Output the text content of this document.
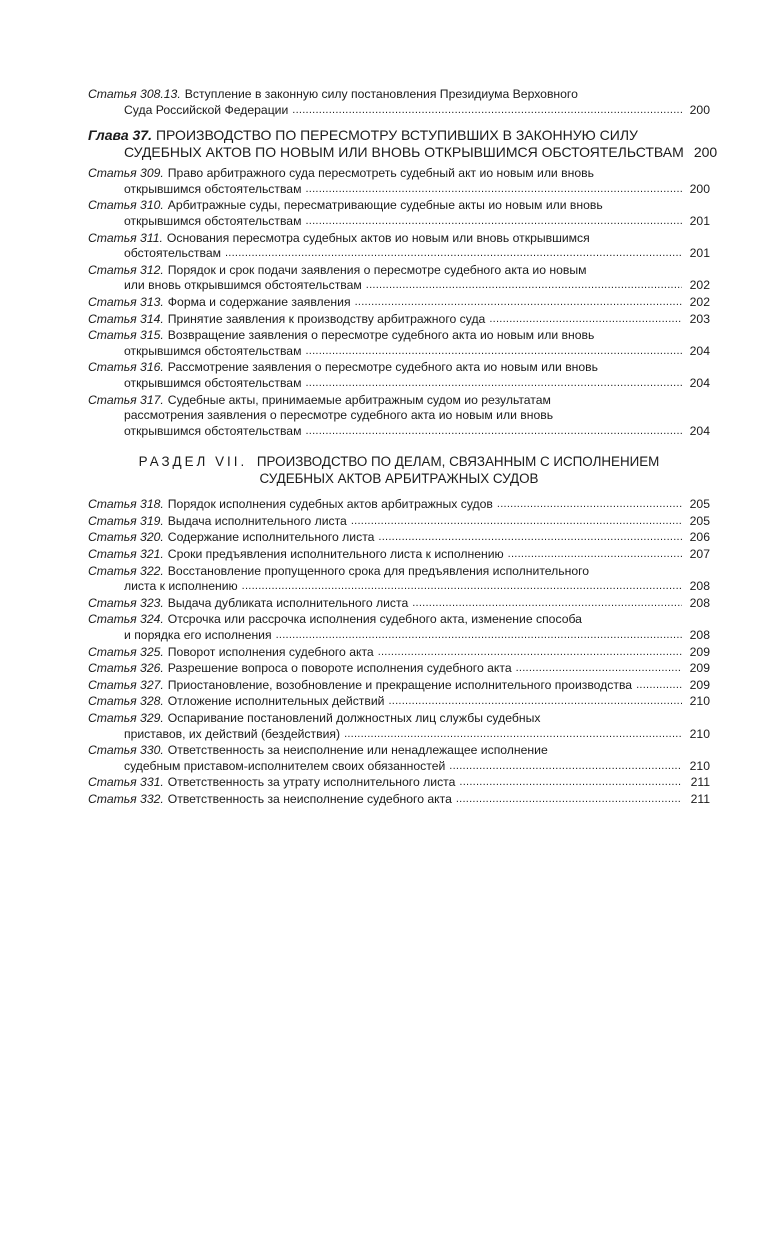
Статья 308.13. Вступление в законную силу постановления Президиума Верховного
Суда Российской Федерации . . .	200
Глава 37. ПРОИЗВОДСТВО ПО ПЕРЕСМОТРУ ВСТУПИВШИХ В ЗАКОННУЮ СИЛУ
СУДЕБНЫХ АКТОВ ПО НОВЫМ ИЛИ ВНОВЬ ОТКРЫВШИМСЯ ОБСТОЯТЕЛЬСТВАМ 200
Статья 309. Право арбитражного суда пересмотреть судебный акт ио новым или вновь
открывшимся обстоятельствам . . .	200
Статья 310. Арбитражные суды, пересматривающие судебные акты ио новым или вновь
открывшимся обстоятельствам . . .	201
Статья 311. Основания пересмотра судебных актов ио новым или вновь открывшимся
обстоятельствам . . .	201
Статья 312. Порядок и срок подачи заявления о пересмотре судебного акта ио новым
или вновь открывшимся обстоятельствам . . .	202
Статья 313. Форма и содержание заявления . . .	202
Статья 314. Принятие заявления к производству арбитражного суда . . .	203
Статья 315. Возвращение заявления о пересмотре судебного акта ио новым или вновь
открывшимся обстоятельствам . . .	204
Статья 316. Рассмотрение заявления о пересмотре судебного акта ио новым или вновь
открывшимся обстоятельствам . . .	204
Статья 317. Судебные акты, принимаемые арбитражным судом ио результатам
рассмотрения заявления о пересмотре судебного акта ио новым или вновь
открывшимся обстоятельствам . . .	204
РАЗДЕЛ VII. ПРОИЗВОДСТВО ПО ДЕЛАМ, СВЯЗАННЫМ С ИСПОЛНЕНИЕМ
СУДЕБНЫХ АКТОВ АРБИТРАЖНЫХ СУДОВ
Статья 318. Порядок исполнения судебных актов арбитражных судов . . .	205
Статья 319. Выдача исполнительного листа . . .	205
Статья 320. Содержание исполнительного листа . . .	206
Статья 321. Сроки предъявления исполнительного листа к исполнению . . .	207
Статья 322. Восстановление пропущенного срока для предъявления исполнительного
листа к исполнению . . .	208
Статья 323. Выдача дубликата исполнительного листа . . .	208
Статья 324. Отсрочка или рассрочка исполнения судебного акта, изменение способа
и порядка его исполнения . . .	208
Статья 325. Поворот исполнения судебного акта . . .	209
Статья 326. Разрешение вопроса о повороте исполнения судебного акта . . .	209
Статья 327. Приостановление, возобновление и прекращение исполнительного производства . . .	209
Статья 328. Отложение исполнительных действий . . .	210
Статья 329. Оспаривание постановлений должностных лиц службы судебных
приставов, их действий (бездействия) . . .	210
Статья 330. Ответственность за неисполнение или ненадлежащее исполнение
судебным приставом-исполнителем своих обязанностей . . .	210
Статья 331. Ответственность за утрату исполнительного листа . . .	211
Статья 332. Ответственность за неисполнение судебного акта . . .	211
